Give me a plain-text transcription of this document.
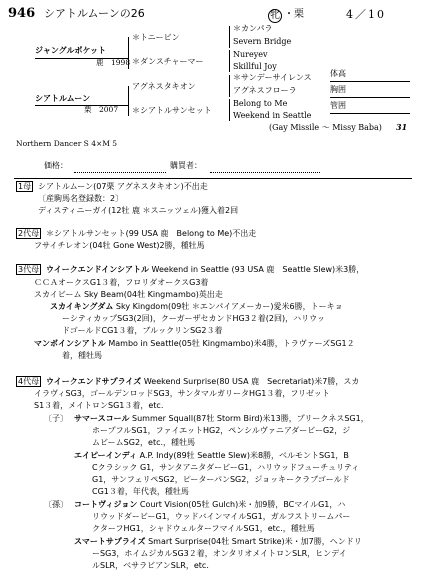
946 シアトルムーンの26	牝 ・栗	4／10
ジャングルポケット
鹿　1998
＊トニービン
＊ダンスチャーマー
＊カンパラ
Severn Bridge
Nureyev
Skillful Joy
シアトルムーン
栗　2007
アグネスタキオン
＊シアトルサンセット
＊サンデーサイレンス
アグネスフローラ
Belong to Me
Weekend in Seattle
(Gay Missile ～ Missy Baba) 31
体高
胸囲
管囲
Northern Dancer S 4×M 5
価格：	購買者：
1母 シアトルムーン(07栗 アグネスタキオン)不出走
〔産駒馬名登録数：2〕
ディスティニーガイ(12牡 鹿 ＊スニッツェル)獲入着2回
2代母 ＊シアトルサンセット(99 USA 鹿　Belong to Me)不出走
フサイチレオン(04牡 Gone West)2勝，種牡馬
3代母 ウイークエンドインシアトル Weekend in Seattle (93 USA 鹿　Seattle Slew)米3勝，
ＣＣＡオークスG1３着，フロリダオークスG3着
スカイビーム Sky Beam(04牡 Kingmambo)英出走
スカイキングダム Sky Kingdom(09牡 ＊エンパイアメーカー)愛米6勝，トーキョ
ーシティカップSG3(2回)，クーガーザセカンドHG3２着(2回)，ハリウッ
ドゴールドCG1３着，ブルックリンSG2３着
マンボインシアトル Mambo in Seattle(05牡 Kingmambo)米4勝，トラヴァーズSG1２
着，種牡馬
4代母 ウイークエンドサプライズ Weekend Surprise(80 USA 鹿　Secretariat)米7勝，スカ
イラヴィSG3，ゴールデンロッドSG3，サンタマルガリータHG1３着，フリゼット
S1３着，メイトロンSG1３着，etc.
〔子〕 サマースコール Summer Squall(87牡 Storm Bird)米13勝，プリークネスSG1，
ホープフルSG1，ファイエットHG2，ペンシルヴァニアダービーG2，ジ
ムビームSG2，etc.，種牡馬
エイピーインディ A.P. Indy(89牡 Seattle Slew)米8勝，ベルモントSG1，B
Cクラシック G1，サンタアニタダービーG1，ハリウッドフューチュリティ
G1，サンフェリペSG2，ピーターパンSG2，ジョッキークラブゴールド
CG1３着，年代表，種牡馬
〔孫〕 コートヴィジョン Court Vision(05牡 Gulch)米・加9勝，BCマイルG1，ハ
リウッドダービーG1，ウッドバインマイルSG1，ガルフストリームパー
クターフHG1，シャドウェルターフマイルSG1，etc.，種牡馬
スマートサプライズ Smart Surprise(04牡 Smart Strike)米・加7勝，ヘンドリ
ーSG3，ホイムジカルSG3２着，オンタリオメイトロンSLR，ヒンデイ
ルSLR，ベサラビアンSLR，etc.
